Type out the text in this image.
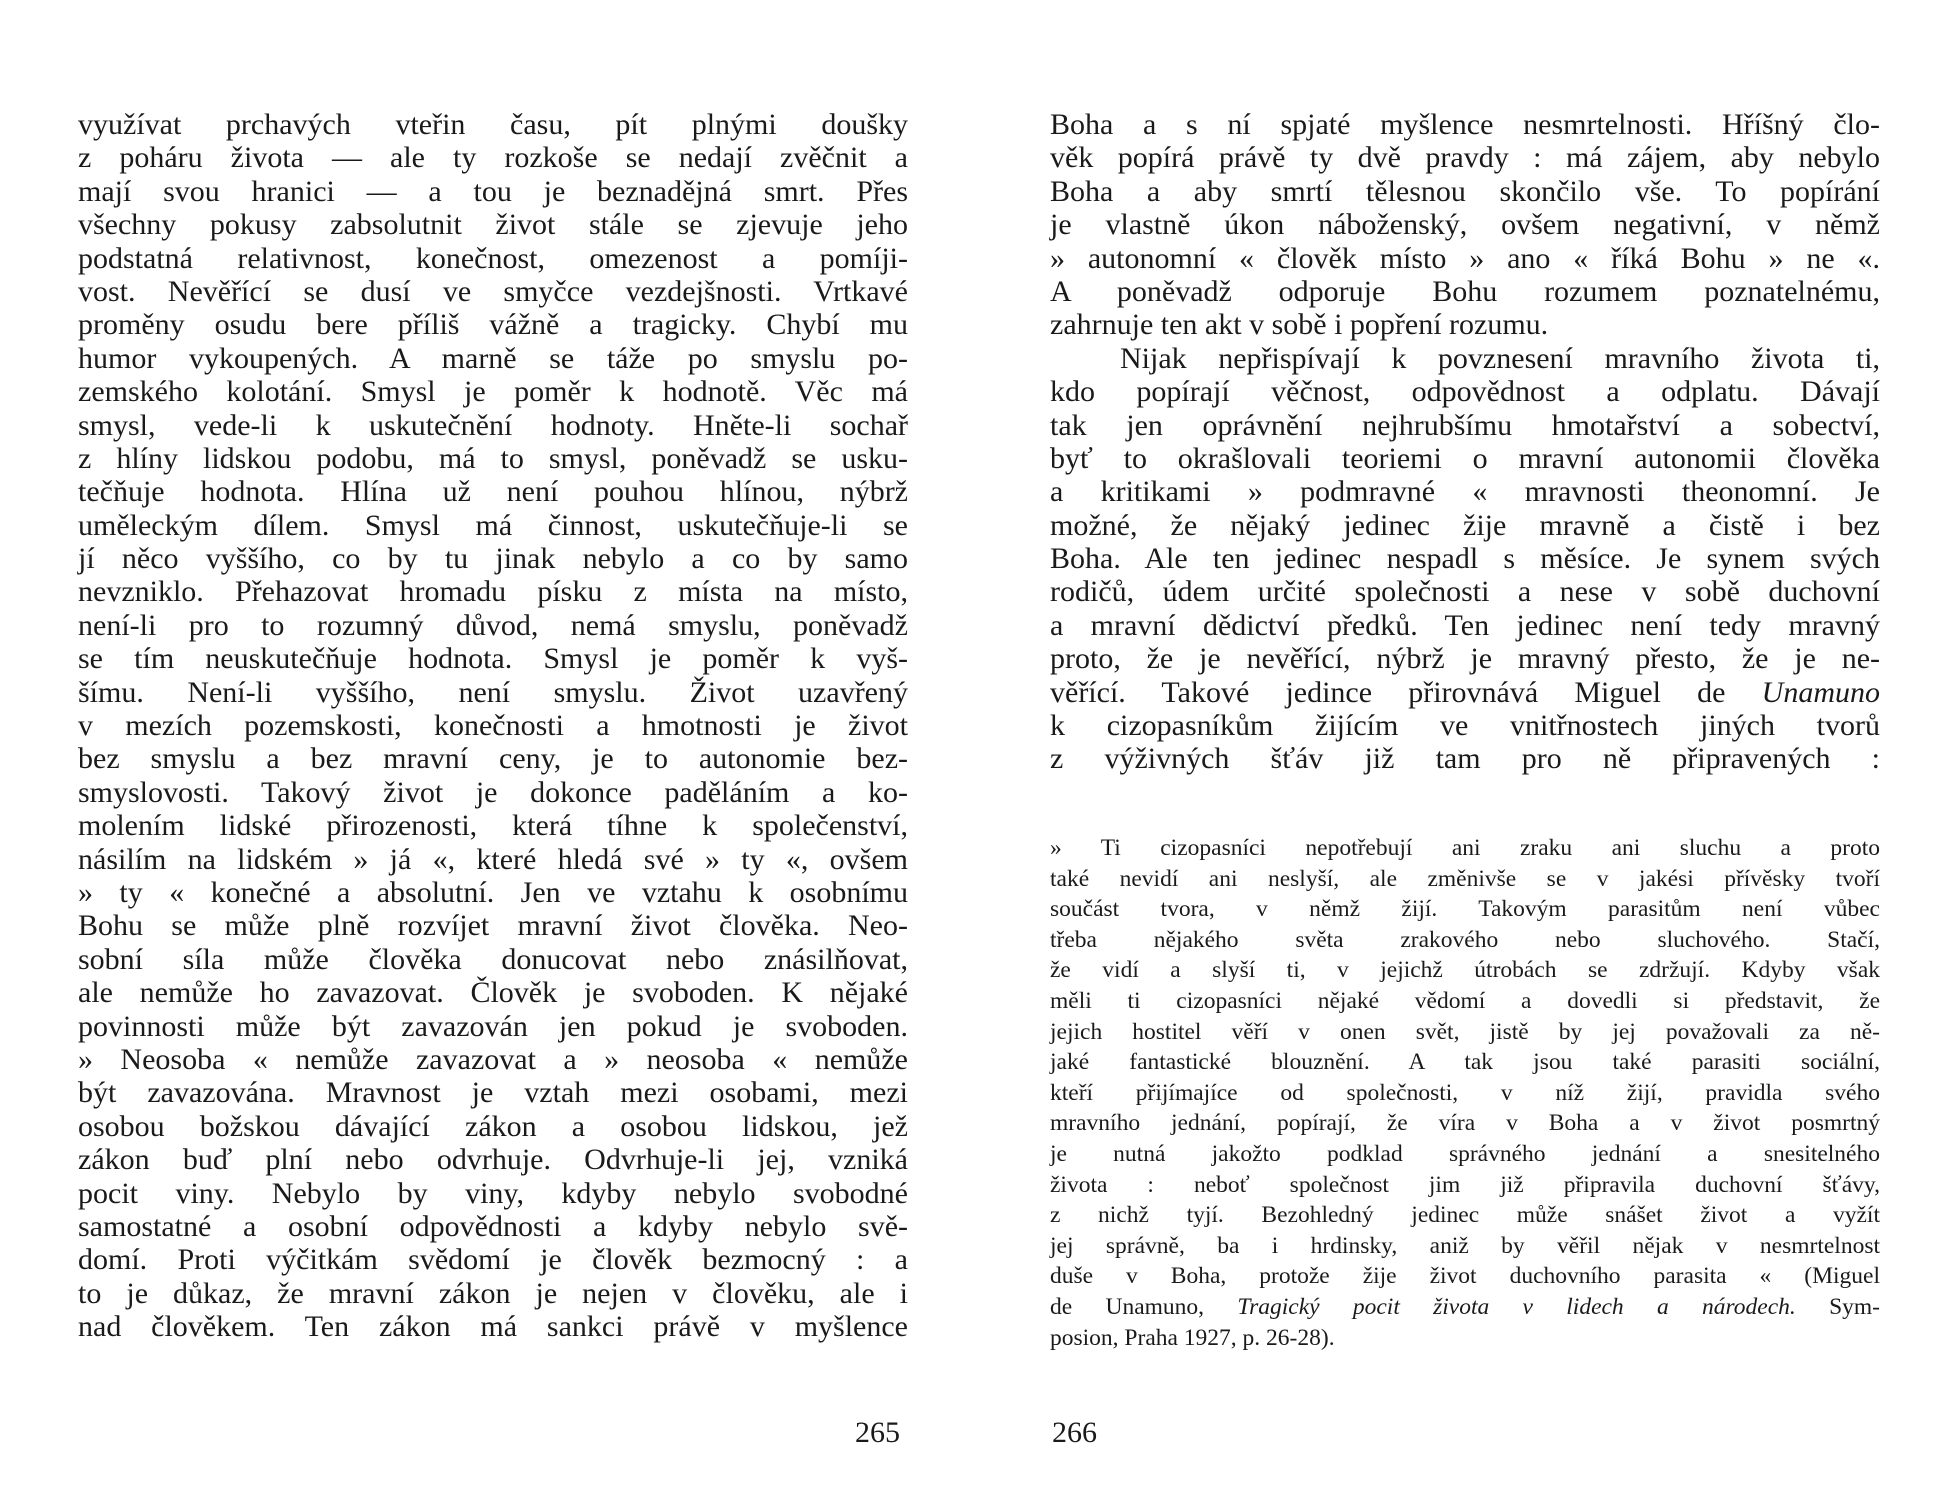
využívat prchavých vteřin času, pít plnými doušky
z poháru života — ale ty rozkoše se nedají zvěčnit a
mají svou hranici — a tou je beznadějná smrt. Přes
všechny pokusy zabsolutnit život stále se zjevuje jeho
podstatná relativnost, konečnost, omezenost a pomíji-
vost. Nevěřící se dusí ve smyčce vezdejšnosti. Vrtkavé
proměny osudu bere příliš vážně a tragicky. Chybí mu
humor vykoupených. A marně se táže po smyslu po-
zemského kolotání. Smysl je poměr k hodnotě. Věc má
smysl, vede-li k uskutečnění hodnoty. Hněte-li sochař
z hlíny lidskou podobu, má to smysl, poněvadž se usku-
tečňuje hodnota. Hlína už není pouhou hlínou, nýbrž
uměleckým dílem. Smysl má činnost, uskutečňuje-li se
jí něco vyššího, co by tu jinak nebylo a co by samo
nevzniklo. Přehazovat hromadu písku z místa na místo,
není-li pro to rozumný důvod, nemá smyslu, poněvadž
se tím neuskutečňuje hodnota. Smysl je poměr k vyš-
šímu. Není-li vyššího, není smyslu. Život uzavřený
v mezích pozemskosti, konečnosti a hmotnosti je život
bez smyslu a bez mravní ceny, je to autonomie bez-
smyslovosti. Takový život je dokonce paděláním a ko-
molením lidské přirozenosti, která tíhne k společenství,
násilím na lidském » já «, které hledá své » ty «, ovšem
» ty « konečné a absolutní. Jen ve vztahu k osobnímu
Bohu se může plně rozvíjet mravní život člověka. Neo-
sobní síla může člověka donucovat nebo znásilňovat,
ale nemůže ho zavazovat. Člověk je svoboden. K nějaké
povinnosti může být zavazován jen pokud je svoboden.
» Neosoba « nemůže zavazovat a » neosoba « nemůže
být zavazována. Mravnost je vztah mezi osobami, mezi
osobou božskou dávající zákon a osobou lidskou, jež
zákon buď plní nebo odvrhuje. Odvrhuje-li jej, vzniká
pocit viny. Nebylo by viny, kdyby nebylo svobodné
samostatné a osobní odpovědnosti a kdyby nebylo svě-
domí. Proti výčitkám svědomí je člověk bezmocný : a
to je důkaz, že mravní zákon je nejen v člověku, ale i
nad člověkem. Ten zákon má sankci právě v myšlence
265
Boha a s ní spjaté myšlence nesmrtelnosti. Hříšný člo-
věk popírá právě ty dvě pravdy : má zájem, aby nebylo
Boha a aby smrtí tělesnou skončilo vše. To popírání
je vlastně úkon náboženský, ovšem negativní, v němž
» autonomní « člověk místo » ano « říká Bohu » ne «.
A poněvadž odporuje Bohu rozumem poznatelnému,
zahrnuje ten akt v sobě i popření rozumu.
Nijak nepřispívají k povznesení mravního života ti,
kdo popírají věčnost, odpovědnost a odplatu. Dávají
tak jen oprávnění nejhrubšímu hmotařství a sobectví,
byť to okrašlovali teoriemi o mravní autonomii člověka
a kritikami » podmravné « mravnosti theonomní. Je
možné, že nějaký jedinec žije mravně a čistě i bez
Boha. Ale ten jedinec nespadl s měsíce. Je synem svých
rodičů, údem určité společnosti a nese v sobě duchovní
a mravní dědictví předků. Ten jedinec není tedy mravný
proto, že je nevěřící, nýbrž je mravný přesto, že je ne-
věřící. Takové jedince přirovnává Miguel de Unamuno
k cizopasníkům žijícím ve vnitřnostech jiných tvorů
z výživných šťáv již tam pro ně připravených :
» Ti cizopasníci nepotřebují ani zraku ani sluchu a proto
také nevidí ani neslyší, ale změnivše se v jakési přívěsky tvoří
součást tvora, v němž žijí. Takovým parasitům není vůbec
třeba nějakého světa zrakového nebo sluchového. Stačí,
že vidí a slyší ti, v jejichž útrobách se zdržují. Kdyby však
měli ti cizopasníci nějaké vědomí a dovedli si představit, že
jejich hostitel věří v onen svět, jistě by jej považovali za ně-
jaké fantastické blouznění. A tak jsou také parasiti sociální,
kteří přijímajíce od společnosti, v níž žijí, pravidla svého
mravního jednání, popírají, že víra v Boha a v život posmrtný
je nutná jakožto podklad správného jednání a snesitelného
života : neboť společnost jim již připravila duchovní šťávy,
z nichž tyjí. Bezohledný jedinec může snášet život a vyžít
jej správně, ba i hrdinsky, aniž by věřil nějak v nesmrtelnost
duše v Boha, protože žije život duchovního parasita « (Miguel
de Unamuno, Tragický pocit života v lidech a národech. Sym-
posion, Praha 1927, p. 26-28).
266
